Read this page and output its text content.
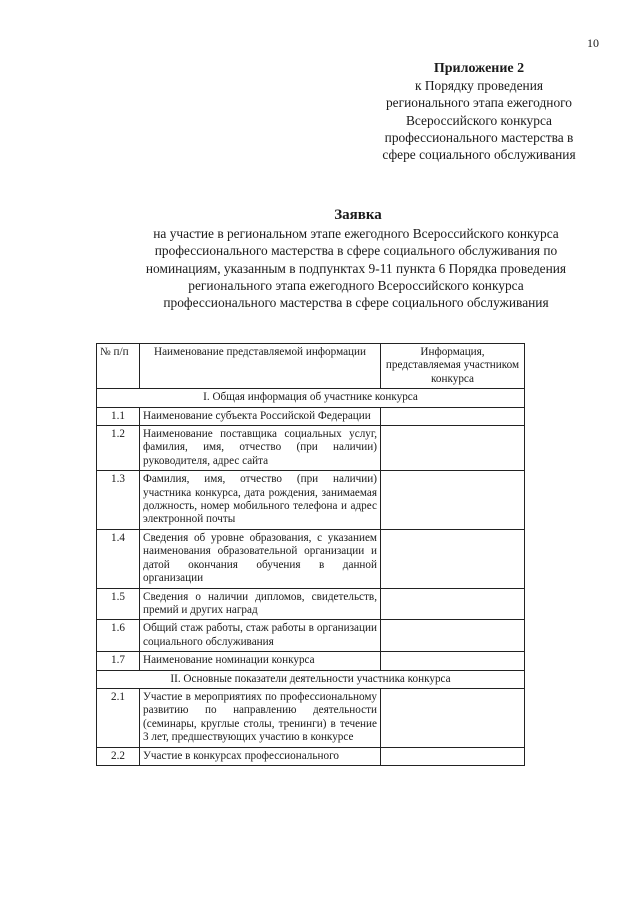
10
Приложение 2
к Порядку проведения
регионального этапа ежегодного
Всероссийского конкурса
профессионального мастерства в
сфере социального обслуживания
Заявка
на участие в региональном этапе ежегодного Всероссийского конкурса
профессионального мастерства в сфере социального обслуживания по
номинациям, указанным в подпунктах 9-11 пункта 6 Порядка проведения
регионального этапа ежегодного Всероссийского конкурса
профессионального мастерства в сфере социального обслуживания
№ п/п	Наименование представляемой информации	Информация, представляемая участником конкурса
I. Общая информация об участнике конкурса		
1.1	Наименование субъекта Российской Федерации	
1.2	Наименование поставщика социальных услуг, фамилия, имя, отчество (при наличии) руководителя, адрес сайта	
1.3	Фамилия, имя, отчество (при наличии) участника конкурса, дата рождения, занимаемая должность, номер мобильного телефона и адрес электронной почты	
1.4	Сведения об уровне образования, с указанием наименования образовательной организации и датой окончания обучения в данной организации	
1.5	Сведения о наличии дипломов, свидетельств, премий и других наград	
1.6	Общий стаж работы, стаж работы в организации социального обслуживания	
1.7	Наименование номинации конкурса	
II. Основные показатели деятельности участника конкурса		
2.1	Участие в мероприятиях по профессиональному развитию по направлению деятельности (семинары, круглые столы, тренинги) в течение 3 лет, предшествующих участию в конкурсе	
2.2	Участие в конкурсах профессионального	
